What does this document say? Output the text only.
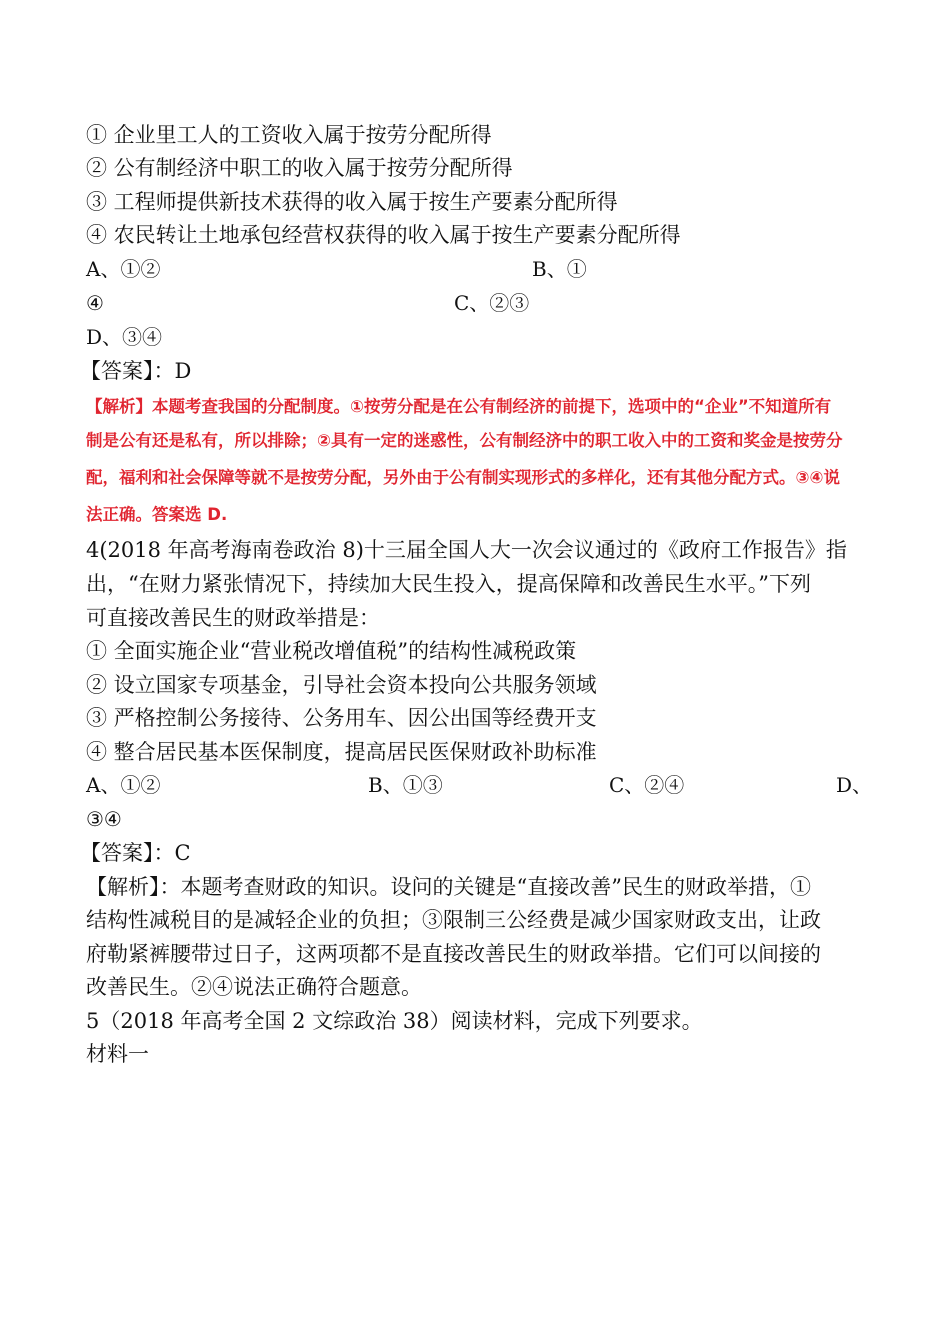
① 企业里工人的工资收入属于按劳分配所得
② 公有制经济中职工的收入属于按劳分配所得
③ 工程师提供新技术获得的收入属于按生产要素分配所得
④ 农民转让土地承包经营权获得的收入属于按生产要素分配所得
A、①②	B、①
④	C、②③
D、③④
【答案】：D
【解析】本题考查我国的分配制度。①按劳分配是在公有制经济的前提下，选项中的“企业”不知道所有
制是公有还是私有，所以排除；②具有一定的迷惑性，公有制经济中的职工收入中的工资和奖金是按劳分
配，福利和社会保障等就不是按劳分配，另外由于公有制实现形式的多样化，还有其他分配方式。③④说
法正确。答案选 D.
4(2018 年高考海南卷政治 8)十三届全国人大一次会议通过的《政府工作报告》指
出，“在财力紧张情况下，持续加大民生投入，提高保障和改善民生水平。”下列
可直接改善民生的财政举措是：
① 全面实施企业“营业税改增值税”的结构性减税政策
② 设立国家专项基金，引导社会资本投向公共服务领域
③ 严格控制公务接待、公务用车、因公出国等经费开支
④ 整合居民基本医保制度，提高居民医保财政补助标准
A、①②	B、①③	C、②④	D、
③④
【答案】：C
【解析】：本题考查财政的知识。设问的关键是“直接改善”民生的财政举措，①
结构性减税目的是减轻企业的负担；③限制三公经费是减少国家财政支出，让政
府勒紧裤腰带过日子，这两项都不是直接改善民生的财政举措。它们可以间接的
改善民生。②④说法正确符合题意。
5（2018 年高考全国 2 文综政治 38）阅读材料，完成下列要求。
材料一
